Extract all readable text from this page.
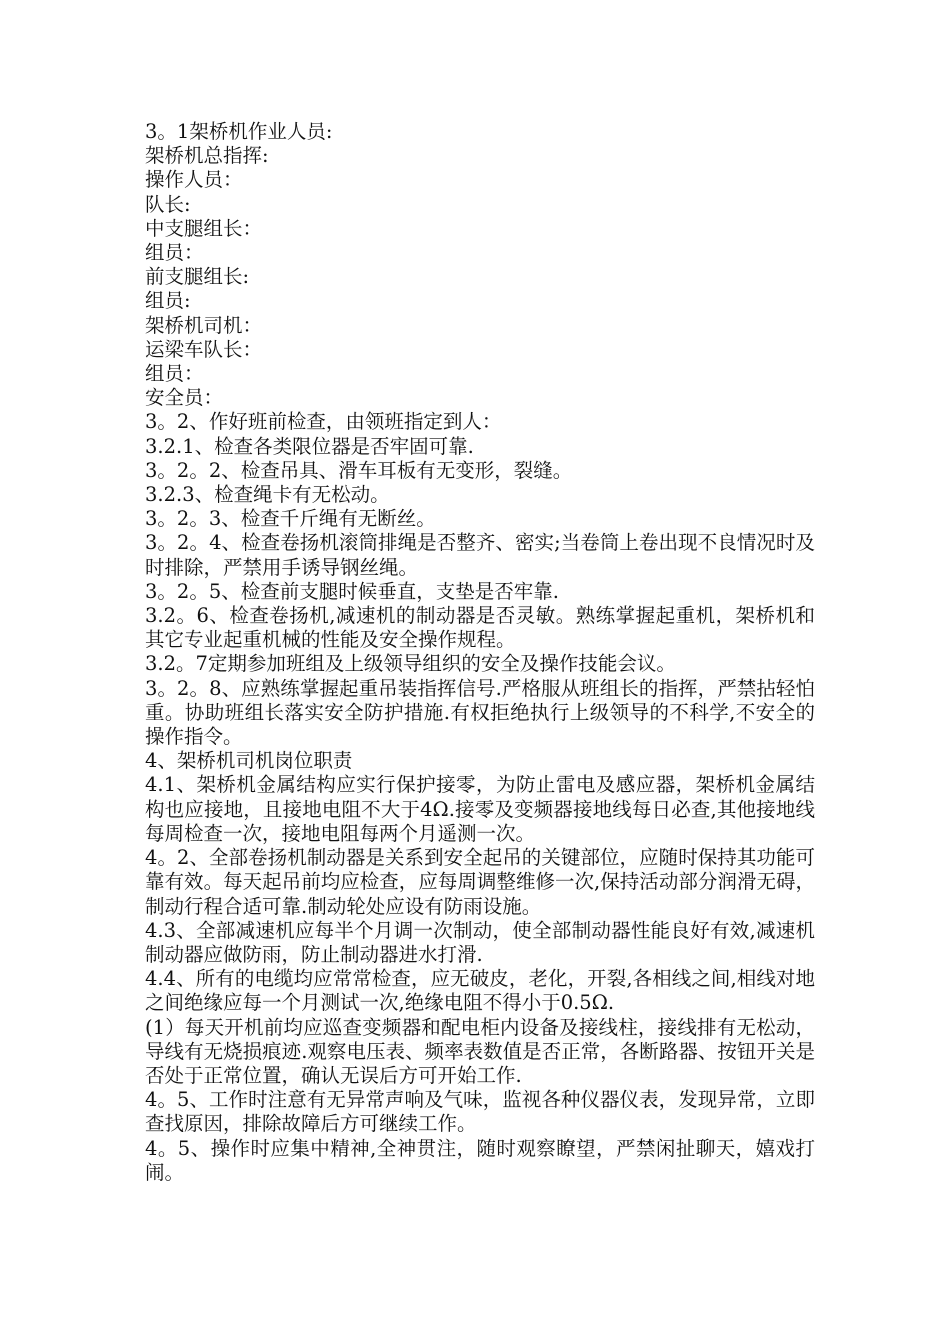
3。1架桥机作业人员:
架桥机总指挥:
操作人员：
队长:
中支腿组长：
组员：
前支腿组长:
组员:
架桥机司机：
运梁车队长：
组员：
安全员：
3。2、作好班前检查，由领班指定到人：
3.2.1、检查各类限位器是否牢固可靠.
3。2。2、检查吊具、滑车耳板有无变形，裂缝。
3.2.3、检查绳卡有无松动。
3。2。3、检查千斤绳有无断丝。

3。2。4、检查卷扬机滚筒排绳是否整齐、密实;当卷筒上卷出现不良情况时及时排除，严禁用手诱导钢丝绳。

3。2。5、检查前支腿时候垂直，支垫是否牢靠.

3.2。6、检查卷扬机,减速机的制动器是否灵敏。熟练掌握起重机，架桥机和其它专业起重机械的性能及安全操作规程。

3.2。7定期参加班组及上级领导组织的安全及操作技能会议。

3。2。8、应熟练掌握起重吊装指挥信号.严格服从班组长的指挥，严禁拈轻怕重。协助班组长落实安全防护措施.有权拒绝执行上级领导的不科学,不安全的操作指令。

4、架桥机司机岗位职责

4.1、架桥机金属结构应实行保护接零，为防止雷电及感应器，架桥机金属结构也应接地，且接地电阻不大于4Ω.接零及变频器接地线每日必查,其他接地线每周检查一次，接地电阻每两个月遥测一次。

4。2、全部卷扬机制动器是关系到安全起吊的关键部位，应随时保持其功能可靠有效。每天起吊前均应检查，应每周调整维修一次,保持活动部分润滑无碍，制动行程合适可靠.制动轮处应设有防雨设施。

4.3、全部减速机应每半个月调一次制动，使全部制动器性能良好有效,减速机制动器应做防雨，防止制动器进水打滑.

4.4、所有的电缆均应常常检查，应无破皮，老化，开裂,各相线之间,相线对地之间绝缘应每一个月测试一次,绝缘电阻不得小于0.5Ω.

(1）每天开机前均应巡查变频器和配电柜内设备及接线柱，接线排有无松动，导线有无烧损痕迹.观察电压表、频率表数值是否正常，各断路器、按钮开关是否处于正常位置，确认无误后方可开始工作.

4。5、工作时注意有无异常声响及气味，监视各种仪器仪表，发现异常，立即查找原因，排除故障后方可继续工作。

4。5、操作时应集中精神,全神贯注，随时观察瞭望，严禁闲扯聊天，嬉戏打闹。
